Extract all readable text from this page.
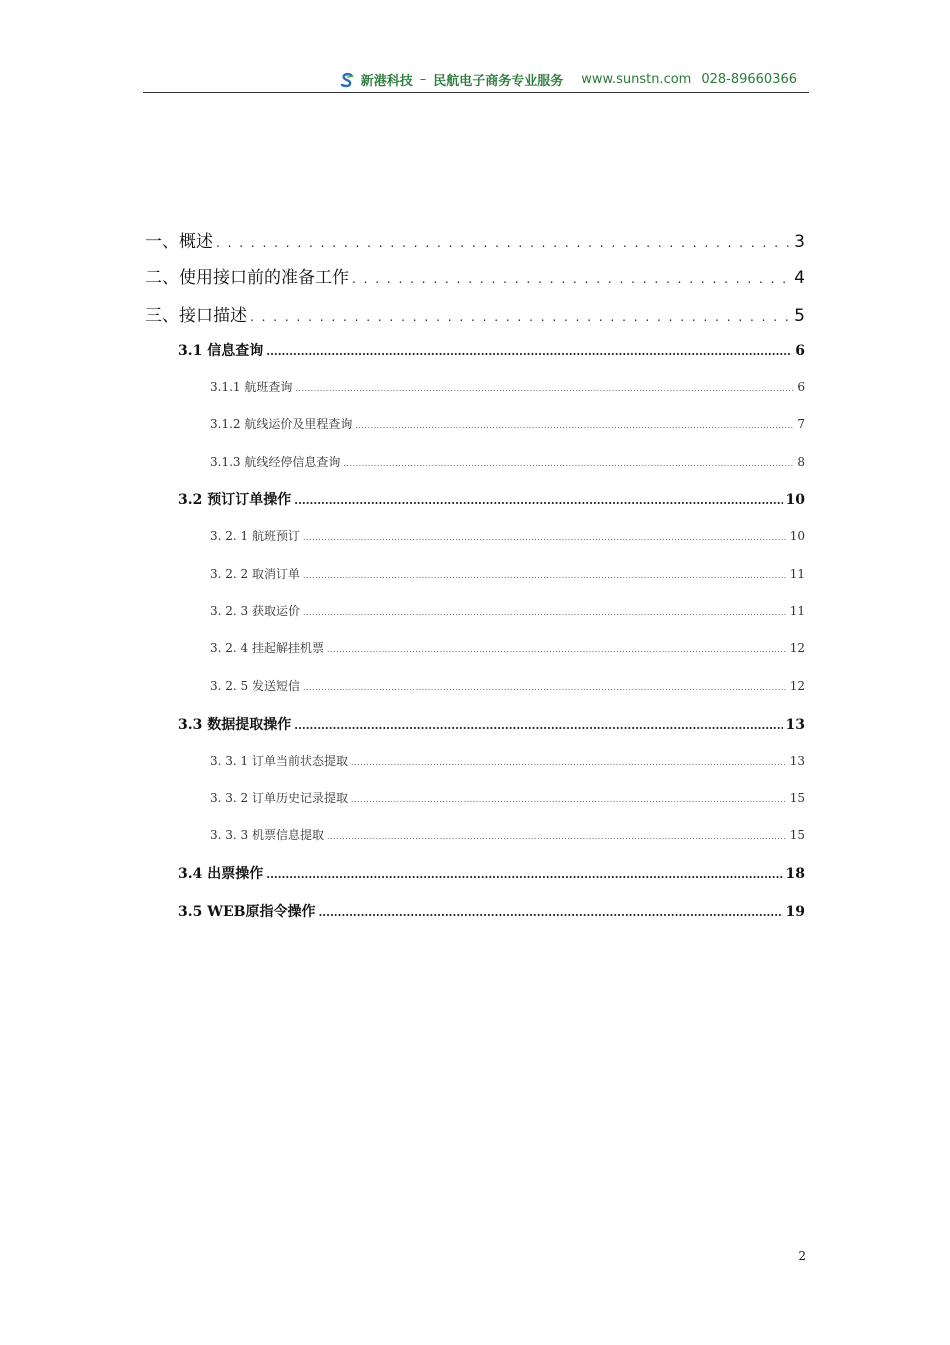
新港科技 – 民航电子商务专业服务 www.sunstn.com 028-89660366
一、概述 . . .	3
二、使用接口前的准备工作 . . .	4
三、接口描述 . . .	5
3.1 信息查询 .....	6
3.1.1 航班查询 .....	6
3.1.2 航线运价及里程查询 .....	7
3.1.3 航线经停信息查询 .....	8
3.2 预订订单操作 .....	10
3. 2. 1 航班预订 .....	10
3. 2. 2 取消订单 .....	11
3. 2. 3 获取运价 .....	11
3. 2. 4 挂起解挂机票 .....	12
3. 2. 5 发送短信 .....	12
3.3 数据提取操作 .....	13
3. 3. 1 订单当前状态提取 .....	13
3. 3. 2 订单历史记录提取 .....	15
3. 3. 3 机票信息提取 .....	15
3.4 出票操作 .....	18
3.5 WEB原指令操作 .....	19
2
